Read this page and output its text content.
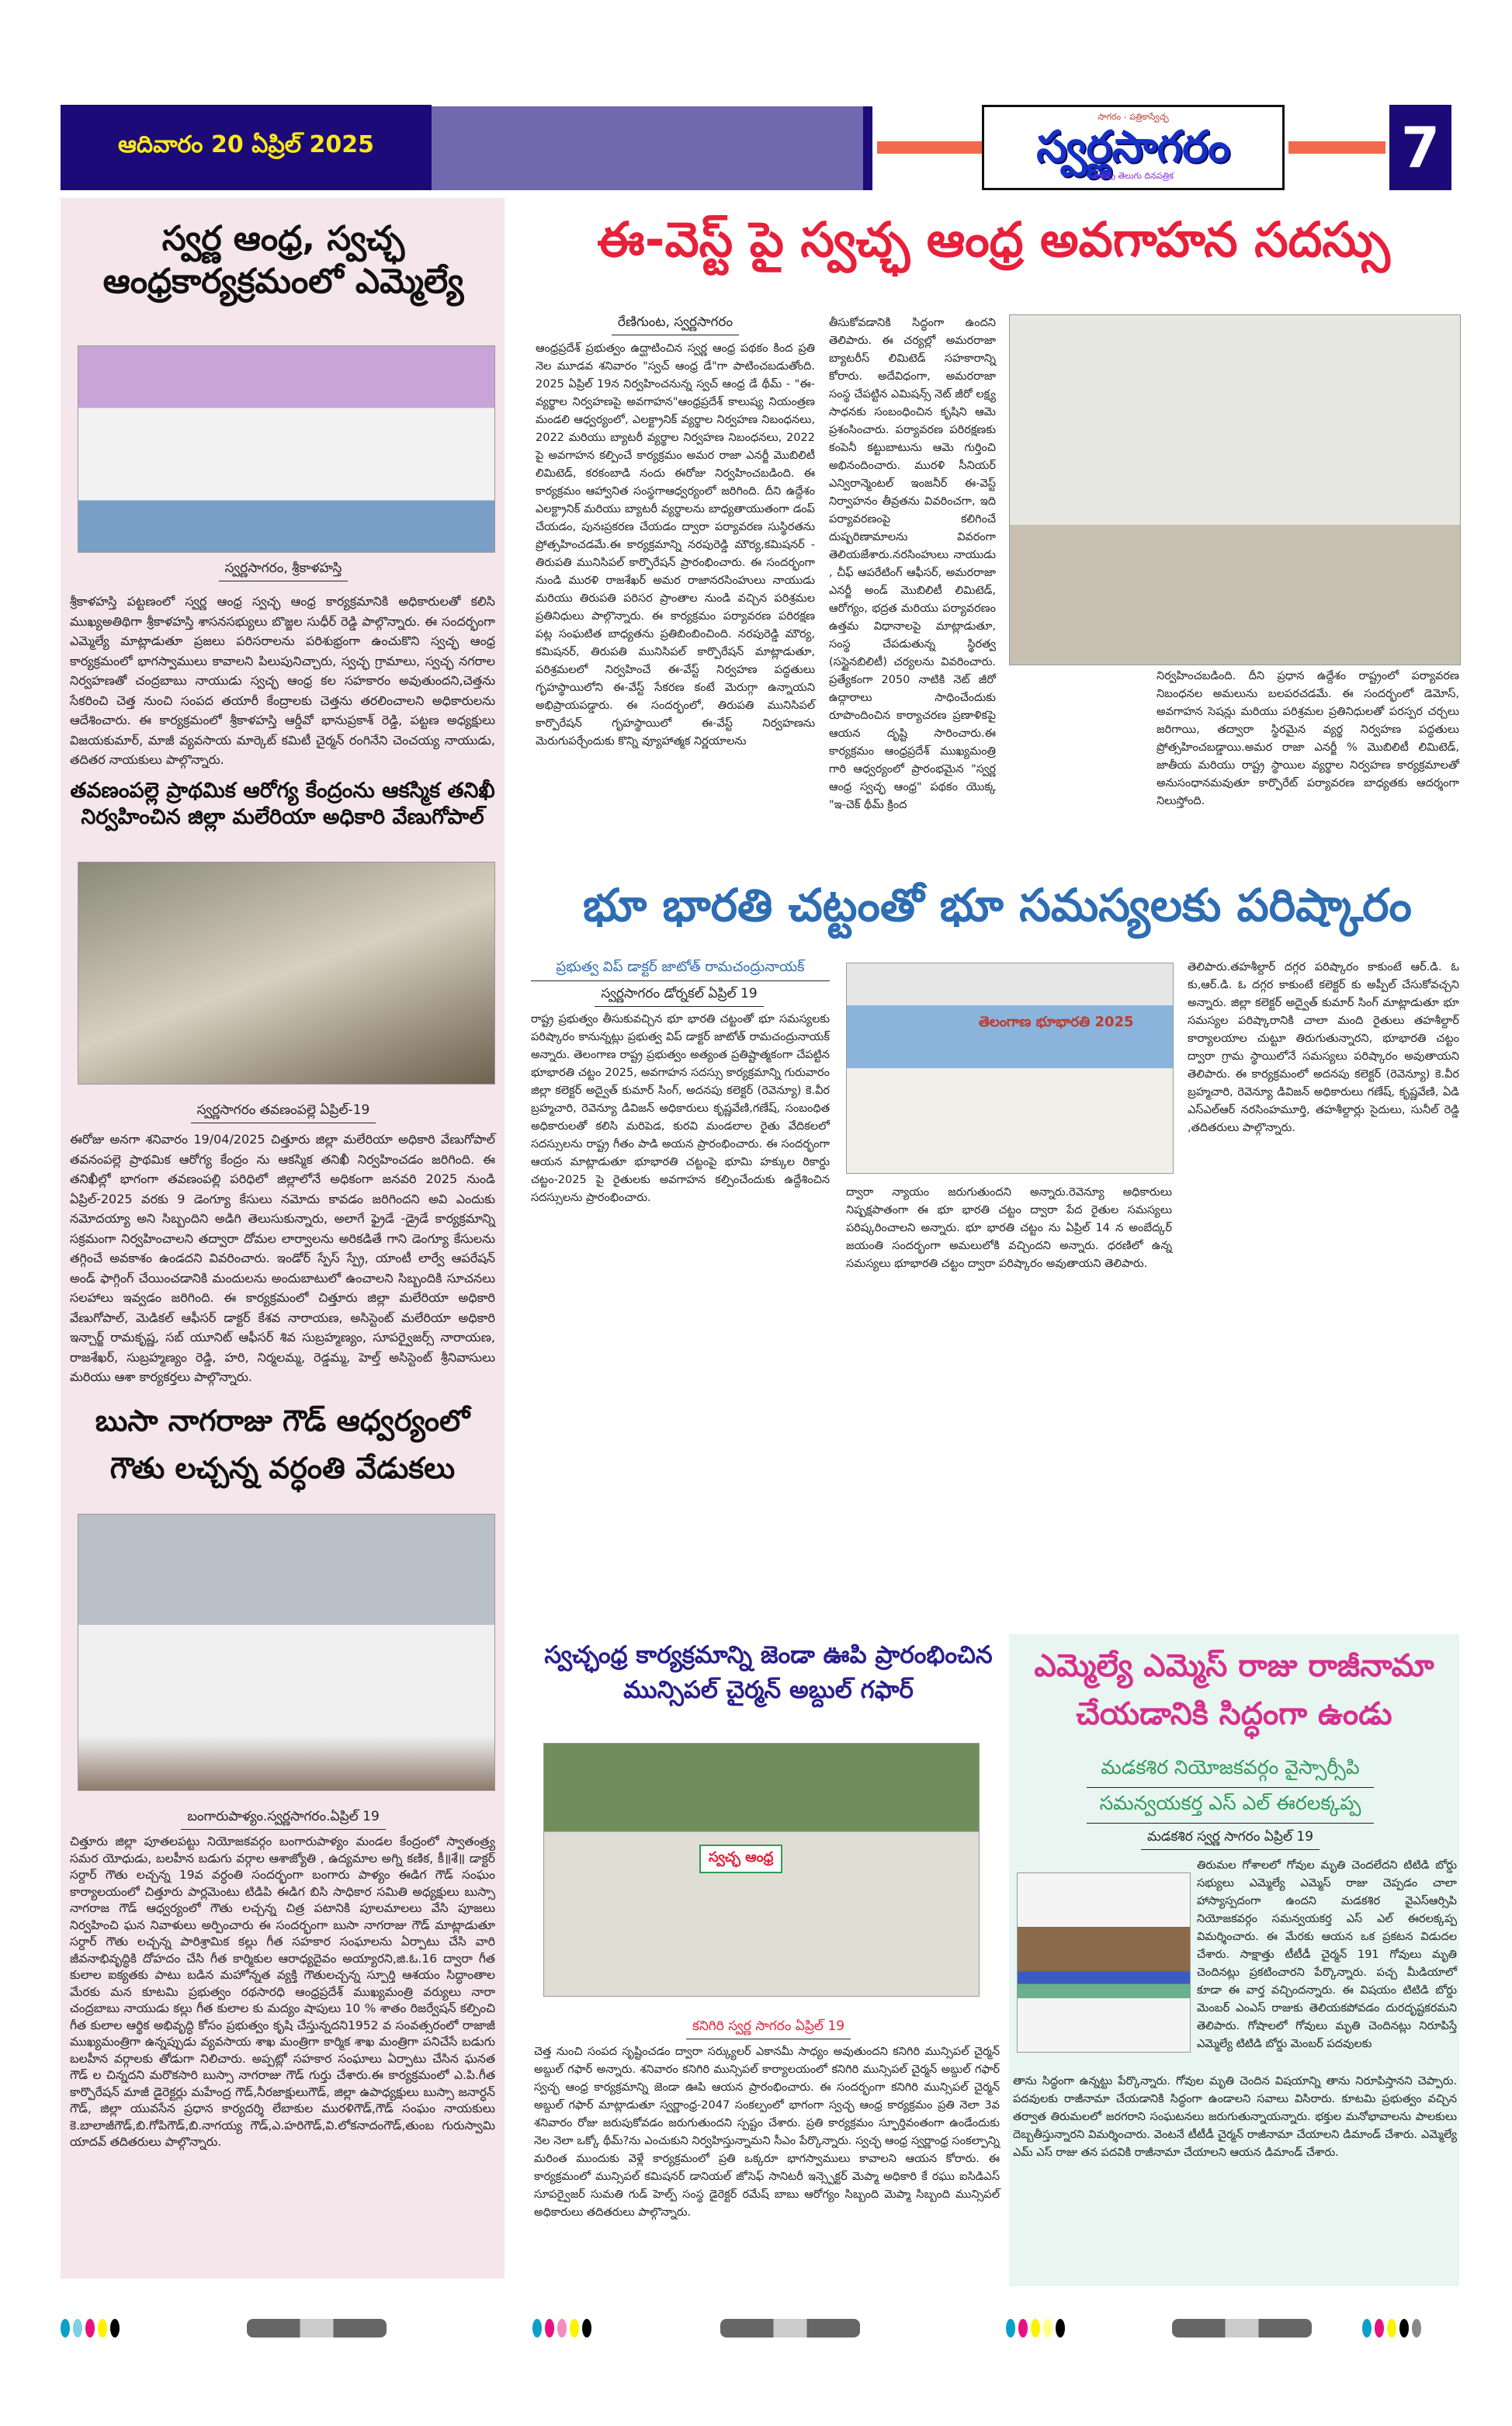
ఆదివారం 20 ఏప్రిల్ 2025
సాగరం - పత్రికాస్వేచ్ఛ
స్వర్ణసాగరం
వారపు తెలుగు దినపత్రిక	7
స్వర్ణ ఆంధ్ర, స్వచ్ఛ ఆంధ్రకార్యక్రమంలో ఎమ్మెల్యే
స్వర్ణసాగరం, శ్రీకాళహస్తి
శ్రీకాళహస్తి పట్టణంలో స్వర్ణ ఆంధ్ర స్వచ్ఛ ఆంధ్ర కార్యక్రమానికి అధికారులతో కలిసి ముఖ్యఅతిథిగా శ్రీకాళహస్తి శాసనసభ్యులు బొజ్జల సుధీర్ రెడ్డి పాల్గొన్నారు. ఈ సందర్భంగా ఎమ్మెల్యే మాట్లాడుతూ ప్రజలు పరిసరాలను పరిశుభ్రంగా ఉంచుకొని స్వచ్ఛ ఆంధ్ర కార్యక్రమంలో భాగస్వాములు కావాలని పిలుపునిచ్చారు, స్వచ్ఛ గ్రామాలు, స్వచ్ఛ నగరాల నిర్వహణతో చంద్రబాబు నాయుడు స్వచ్ఛ ఆంధ్ర కల సహకారం అవుతుందని,చెత్తను సేకరించి చెత్త నుంచి సంపద తయారీ కేంద్రాలకు చెత్తను తరలించాలని అధికారులను ఆదేశించారు. ఈ కార్యక్రమంలో శ్రీకాళహస్తి ఆర్డీవో భానుప్రకాశ్ రెడ్డి, పట్టణ అధ్యక్షులు విజయకుమార్, మాజీ వ్యవసాయ మార్కెట్ కమిటీ చైర్మన్ రంగినేని చెంచయ్య నాయుడు, తదితర నాయకులు పాల్గొన్నారు.
తవణంపల్లె ప్రాథమిక ఆరోగ్య కేంద్రంను ఆకస్మిక తనిఖీ నిర్వహించిన జిల్లా మలేరియా అధికారి వేణుగోపాల్
స్వర్ణసాగరం తవణంపల్లె ఏప్రిల్-19
ఈరోజు అనగా శనివారం 19/04/2025 చిత్తూరు జిల్లా మలేరియా అధికారి వేణుగోపాల్ తవనంపల్లె ప్రాథమిక ఆరోగ్య కేంద్రం ను ఆకస్మిక తనిఖీ నిర్వహించడం జరిగింది. ఈ తనిఖీల్లో భాగంగా తవణంపల్లి పరిధిలో జిల్లాలోనే అధికంగా జనవరి 2025 నుండి ఏప్రిల్-2025 వరకు 9 డెంగ్యూ కేసులు నమోదు కావడం జరిగిందని అవి ఎందుకు నమోదయ్యా అని సిబ్బందిని అడిగి తెలుసుకున్నారు, అలాగే ఫ్రైడే -డ్రైడే కార్యక్రమాన్ని సక్రమంగా నిర్వహించాలని తద్వారా దోమల లార్వాలను అరికడితే గాని డెంగ్యూ కేసులను తగ్గించే అవకాశం ఉండదని వివరించారు. ఇండోర్ స్పేస్ స్ప్రే, యాంటీ లార్వే ఆపరేషన్ అండ్ ఫాగ్గింగ్ చేయించడానికి మందులను అందుబాటులో ఉంచాలని సిబ్బందికి సూచనలు సలహాలు ఇవ్వడం జరిగింది. ఈ కార్యక్రమంలో చిత్తూరు జిల్లా మలేరియా అధికారి వేణుగోపాల్, మెడికల్ ఆఫీసర్ డాక్టర్ కేశవ నారాయణ, అసిస్టెంట్ మలేరియా అధికారి ఇన్చార్జ్ రామకృష్ణ, సబ్ యూనిట్ ఆఫీసర్ శివ సుబ్రహ్మణ్యం, సూపర్వైజర్స్ నారాయణ, రాజశేఖర్, సుబ్రహ్మణ్యం రెడ్డి, హరి, నిర్మలమ్మ, రెడ్డమ్మ, హెల్త్ అసిస్టెంట్ శ్రీనివాసులు మరియు ఆశా కార్యకర్తలు పాల్గొన్నారు.
బుసా నాగరాజు గౌడ్ ఆధ్వర్యంలో గౌతు లచ్చన్న వర్ధంతి వేడుకలు
బంగారుపాళ్యం.స్వర్ణసాగరం.ఏప్రిల్ 19
చిత్తూరు జిల్లా పూతలపట్టు నియోజకవర్గం బంగారుపాళ్యం మండల కేంద్రంలో స్వాతంత్ర్య సమర యోధుడు, బలహీన బడుగు వర్గాల ఆశాజ్యోతి , ఉద్యమాల అగ్ని కణిక, కీ॥శే॥ డాక్టర్ సర్దార్ గౌతు లచ్చన్న 19వ వర్ధంతి సందర్భంగా బంగారు పాళ్యం ఈడిగ గౌడ్ సంఘం కార్యాలయంలో చిత్తూరు పార్లమెంటు టిడిపి ఈడిగ బిసి సాధికార సమితి అధ్యక్షులు బుస్సా నాగరాజ గౌడ్ ఆధ్వర్యంలో గౌతు లచ్చన్న చిత్ర పటానికి పూలమాలలు వేసి పూజలు నిర్వహించి ఘన నివాళులు అర్పించారు ఈ సందర్భంగా బుసా నాగరాజు గౌడ్ మాట్లాడుతూ సర్దార్ గౌతు లచ్చన్న పారిశ్రామిక కల్లు గీత సహకార సంఘాలను ఏర్పాటు చేసి వారి జీవనాభివృద్ధికి దోహదం చేసి గీత కార్మికుల ఆరాధ్యదైవం అయ్యారని,జి.ఓ.16 ద్వారా గీత కులాల ఐక్యతకు పాటు బడిన మహోన్నత వ్యక్తి గౌతులచ్చన్న స్పూర్తి ఆశయం సిద్ధాంతాల మేరకు మన కూటమి ప్రభుత్వం రథసారధి ఆంధ్రప్రదేశ్ ముఖ్యమంత్రి వర్యులు నారా చంద్రబాబు నాయుడు కల్లు గీత కులాల కు మద్యం షాపులు 10 % శాతం రిజర్వేషన్ కల్పించి గీత కులాల ఆర్థిక అభివృద్ధి కోసం ప్రభుత్వం కృషి చేస్తున్నదని1952 వ సంవత్సరంలో రాజాజీ ముఖ్యమంత్రిగా ఉన్నప్పుడు వ్యవసాయ శాఖ మంత్రిగా కార్మిక శాఖ మంత్రిగా పనిచేసే బడుగు బలహీన వర్గాలకు తోడుగా నిలిచారు. అప్పట్లో సహకార సంఘాలు ఏర్పాటు చేసిన ఘనత గౌడ్ ల చిన్నదని మరొకసారి బుస్సా నాగరాజు గౌడ్ గుర్తు చేశారు.ఈ కార్యక్రమంలో ఎ.పి.గీత కార్పొరేషన్ మాజీ డైరెక్టర్లు మహేంద్ర గౌడ్,నీరజాక్షులుగౌడ్, జిల్లా ఉపాధ్యక్షులు బుస్సా జనార్ధన్ గౌడ్, జిల్లా యువసేన ప్రధాన కార్యదర్శి లేబాకుల మురళిగౌడ్,గౌడ్ సంఘం నాయకులు కె.బాలాజీగౌడ్,బి.గోపిగౌడ్,బి.నాగయ్య గౌడ్,ఎ.హరిగౌడ్,వి.లోకనాదంగౌడ్,తుంబ గురుస్వామి యాదవ్ తదితరులు పాల్గొన్నారు.
ఈ-వెస్ట్ పై స్వచ్ఛ ఆంధ్ర అవగాహన సదస్సు
రేణిగుంట, స్వర్ణసాగరం
ఆంధ్రప్రదేశ్ ప్రభుత్వం ఉద్ఘాటించిన స్వర్ణ ఆంధ్ర పథకం కింద ప్రతి నెల మూడవ శనివారం "స్వచ్ ఆంధ్ర డే"గా పాటించబడుతోంది. 2025 ఏప్రిల్ 19న నిర్వహించనున్న స్వచ్ ఆంధ్ర డే థీమ్ - "ఈ-వ్యర్థాల నిర్వహణపై అవగాహన"ఆంధ్రప్రదేశ్ కాలుష్య నియంత్రణ మండలి ఆధ్వర్యంలో, ఎలక్ట్రానిక్ వ్యర్థాల నిర్వహణ నిబంధనలు, 2022 మరియు బ్యాటరీ వ్యర్థాల నిర్వహణ నిబంధనలు, 2022 పై అవగాహన కల్పించే కార్యక్రమం అమర రాజా ఎనర్జీ మొబిలిటీ లిమిటెడ్, కరకంబాడి నందు ఈరోజు నిర్వహించబడింది. ఈ కార్యక్రమం ఆహ్వానిత సంస్థగాఆధ్వర్యంలో జరిగింది. దీని ఉద్దేశం ఎలక్ట్రానిక్ మరియు బ్యాటరీ వ్యర్థాలను బాధ్యతాయుతంగా డంప్ చేయడం, పునఃప్రకరణ చేయడం ద్వారా పర్యావరణ సుస్థిరతను ప్రోత్సహించడమే.ఈ కార్యక్రమాన్ని నరపురెడ్డి మౌర్య,కమిషనర్ - తిరుపతి మునిసిపల్ కార్పొరేషన్ ప్రారంభించారు. ఈ సందర్భంగా నుండి మురళి రాజశేఖర్ అమర రాజానరసింహులు నాయుడు మరియు తిరుపతి పరిసర ప్రాంతాల నుండి వచ్చిన పరిశ్రమల ప్రతినిధులు పాల్గొన్నారు. ఈ కార్యక్రమం పర్యావరణ పరిరక్షణ పట్ల సంఘటిత బాధ్యతను ప్రతిబింబించింది. నరపురెడ్డి మౌర్య, కమిషనర్, తిరుపతి మునిసిపల్ కార్పొరేషన్ మాట్లాడుతూ, పరిశ్రమలలో నిర్వహించే ఈ-వేస్ట్ నిర్వహణ పద్ధతులు గృహస్థాయిలోని ఈ-వేస్ట్ సేకరణ కంటే మెరుగ్గా ఉన్నాయని అభిప్రాయపడ్డారు. ఈ సందర్భంలో, తిరుపతి మునిసిపల్ కార్పొరేషన్ గృహస్థాయిలో ఈ-వేస్ట్ నిర్వహణను మెరుగుపర్చేందుకు కొన్ని వ్యూహాత్మక నిర్ణయాలను
తీసుకోవడానికి సిద్ధంగా ఉందని తెలిపారు. ఈ చర్యల్లో అమరరాజా బ్యాటరీస్ లిమిటెడ్ సహకారాన్ని కోరారు. అదేవిధంగా, అమరరాజా సంస్థ చేపట్టిన ఎమిషన్స్ నెట్ జీరో లక్ష్య సాధనకు సంబంధించిన కృషిని ఆమె ప్రశంసించారు. పర్యావరణ పరిరక్షణకు కంపెనీ కట్టుబాటును ఆమె గుర్తించి అభినందించారు. మురళి సీనియర్ ఎన్విరాన్మెంటల్ ఇంజనీర్ ఈ-వెస్ట్ నిర్వాహనం తీవ్రతను వివరించగా, ఇది పర్యావరణంపై కలిగించే దుష్పరిణామాలను వివరంగా తెలియజేశారు.నరసింహులు నాయుడు , చీఫ్ ఆపరేటింగ్ ఆఫీసర్, అమరరాజా ఎనర్జీ అండ్ మొబిలిటీ లిమిటెడ్, ఆరోగ్యం, భద్రత మరియు పర్యావరణం ఉత్తమ విధానాలపై మాట్లాడుతూ, సంస్థ చేపడుతున్న స్థిరత్వ (సస్టైనబిలిటీ) చర్యలను వివరించారు. ప్రత్యేకంగా 2050 నాటికి నెట్ జీరో ఉద్గారాలు సాధించేందుకు రూపొందించిన కార్యాచరణ ప్రణాళికపై ఆయన దృష్టి సారించారు.ఈ కార్యక్రమం ఆంధ్రప్రదేశ్ ముఖ్యమంత్రి గారి ఆధ్వర్యంలో ప్రారంభమైన "స్వర్ణ ఆంధ్ర స్వచ్ఛ ఆంధ్ర" పథకం యొక్క "ఇ-చెక్ థీమ్ క్రింద
నిర్వహించబడింది. దీని ప్రధాన ఉద్దేశం రాష్ట్రంలో పర్యావరణ నిబంధనల అమలును బలపరచడమే. ఈ సందర్భంలో డెమోస్, అవగాహన సెషన్లు మరియు పరిశ్రమల ప్రతినిధులతో పరస్పర చర్చలు జరిగాయి, తద్వారా స్థిరమైన వ్యర్థ నిర్వహణ పద్ధతులు ప్రోత్సహించబడ్డాయి.అమర రాజా ఎనర్జీ % మొబిలిటీ లిమిటెడ్, జాతీయ మరియు రాష్ట్ర స్థాయిల వ్యర్థాల నిర్వహణ కార్యక్రమాలతో అనుసంధానమవుతూ కార్పొరేట్ పర్యావరణ బాధ్యతకు ఆదర్శంగా నిలుస్తోంది.
భూ భారతి చట్టంతో భూ సమస్యలకు పరిష్కారం
ప్రభుత్వ విప్ డాక్టర్ జాటోత్ రామచంద్రునాయక్
స్వర్ణసాగరం డోర్నకల్ ఏప్రిల్ 19
రాష్ట్ర ప్రభుత్వం తీసుకువచ్చిన భూ భారతి చట్టంతో భూ సమస్యలకు పరిష్కారం కానున్నట్లు ప్రభుత్వ విప్ డాక్టర్ జాటోత్ రామచంద్రునాయక్ అన్నారు. తెలంగాణ రాష్ట్ర ప్రభుత్వం అత్యంత ప్రతిష్టాత్మకంగా చేపట్టిన భూభారతి చట్టం 2025, అవగాహన సదస్సు కార్యక్రమాన్ని గురువారం జిల్లా కలెక్టర్ అద్వైత్ కుమార్ సింగ్, అదనపు కలెక్టర్ (రెవెన్యూ) కె.వీర బ్రహ్మచారి, రెవెన్యూ డివిజన్ అధికారులు కృష్ణవేణి,గణేష్, సంబంధిత అధికారులతో కలిసి మరిపెడ, కురవి మండలాల రైతు వేదికలలో సదస్సులను రాష్ట్ర గీతం పాడి అయన ప్రారంభించారు. ఈ సందర్భంగా ఆయన మాట్లాడుతూ భూభారతి చట్టంపై భూమి హక్కుల రికార్డు చట్టం-2025 పై రైతులకు అవగాహన కల్పించేందుకు ఉద్దేశించిన సదస్సులను ప్రారంభించారు.
తెలంగాణ భూభారతి 2025
ద్వారా న్యాయం జరుగుతుందని అన్నారు.రెవెన్యూ అధికారులు నిష్పక్షపాతంగా ఈ భూ భారతి చట్టం ద్వారా పేద రైతుల సమస్యలు పరిష్కరించాలని అన్నారు. భూ భారతి చట్టం ను ఏప్రిల్ 14 న అంబేద్కర్ జయంతి సందర్భంగా అమలులోకి వచ్చిందని అన్నారు. ధరణిలో ఉన్న సమస్యలు భూభారతి చట్టం ద్వారా పరిష్కారం అవుతాయని తెలిపారు.
తెలిపారు.తహశీల్దార్ దగ్గర పరిష్కారం కాకుంటే ఆర్.డి. ఓ కు,ఆర్.డి. ఓ దగ్గర కాకుంటే కలెక్టర్ కు అప్పీల్ చేసుకోవచ్చని అన్నారు. జిల్లా కలెక్టర్ అద్వైత్ కుమార్ సింగ్ మాట్లాడుతూ భూ సమస్యల పరిష్కారానికి చాలా మంది రైతులు తహశీల్దార్ కార్యాలయాల చుట్టూ తిరుగుతున్నారని, భూభారతి చట్టం ద్వారా గ్రామ స్థాయిలోనే సమస్యలు పరిష్కారం అవుతాయని తెలిపారు. ఈ కార్యక్రమంలో అదనపు కలెక్టర్ (రెవెన్యూ) కె.వీర బ్రహ్మచారి, రెవెన్యూ డివిజన్ అధికారులు గణేష్, కృష్ణవేణి, ఏడి ఎస్ఎల్ఆర్ నరసింహమూర్తి, తహశీల్దార్లు సైదులు, సునీల్ రెడ్డి ,తదితరులు పాల్గొన్నారు.
స్వచ్ఛంధ్ర కార్యక్రమాన్ని జెండా ఊపి ప్రారంభించిన మున్సిపల్ చైర్మన్ అబ్దుల్ గఫార్
స్వచ్ఛ ఆంధ్ర
కనిగిరి స్వర్ణ సాగరం ఏప్రిల్ 19
చెత్త నుంచి సంపద సృష్టించడం ద్వారా సర్క్యులర్ ఎకానమీ సాధ్యం అవుతుందని కనిగిరి మున్సిపల్ చైర్మన్ అబ్దుల్ గఫార్ అన్నారు. శనివారం కనిగిరి మున్సిపల్ కార్యాలయంలో కనిగిరి మున్సిపల్ చైర్మన్ అబ్దుల్ గఫార్ స్వచ్ఛ ఆంధ్ర కార్యక్రమాన్ని జెండా ఊపి ఆయన ప్రారంభించారు. ఈ సందర్భంగా కనిగిరి మున్సిపల్ చైర్మన్ అబ్దుల్ గఫార్ మాట్లాడుతూ స్వర్ణాంధ్ర-2047 సంకల్పంలో భాగంగా స్వచ్ఛ ఆంధ్ర కార్యక్రమం ప్రతి నెలా 3వ శనివారం రోజు జరుపుకోవడం జరుగుతుందని స్పష్టం చేశారు. ప్రతి కార్యక్రమం స్ఫూర్తివంతంగా ఉండేందుకు నెల నెలా ఒక్కో థీమ్?ను ఎంచుకుని నిర్వహిస్తున్నామని సీఎం పేర్కొన్నారు. స్వచ్ఛ ఆంధ్ర స్వర్ణాంధ్ర సంకల్పాన్ని మరింత ముందుకు వెళ్లే కార్యక్రమంలో ప్రతి ఒక్కరూ భాగస్వాములు కావాలని ఆయన కోరారు. ఈ కార్యక్రమంలో మున్సిపల్ కమిషనర్ డానియల్ జోసెఫ్ సానిటరీ ఇన్స్పెక్టర్ మెప్మా అధికారి కే రఘు ఐసిడిఎస్ సూపర్వైజర్ సుమతి గుడ్ హెల్ప్ సంస్థ డైరెక్టర్ రమేష్ బాబు ఆరోగ్యం సిబ్బంది మెప్మా సిబ్బంది మున్సిపల్ అధికారులు తదితరులు పాల్గొన్నారు.
ఎమ్మెల్యే ఎమ్మెస్ రాజు రాజీనామా చేయడానికి సిద్ధంగా ఉండు
మడకశిర నియోజకవర్గం వైస్సార్సీపి
సమన్వయకర్త ఎస్ ఎల్ ఈరలక్కప్ప
మడకశిర స్వర్ణ సాగరం ఏప్రిల్ 19
తిరుమల గోశాలలో గోవుల మృతి చెందలేదని టిటిడి బోర్డు సభ్యులు ఎమ్మెల్యే ఎమ్మెస్ రాజు చెప్పడం చాలా హాస్యాస్పదంగా ఉందని మడకశిర వైఎస్ఆర్సిపి నియోజకవర్గం సమన్వయకర్త ఎస్ ఎల్ ఈరలక్కప్ప విమర్శించారు. ఈ మేరకు ఆయన ఒక ప్రకటన విడుదల చేశారు. సాక్షాత్తు టీటీడీ చైర్మన్ 191 గోవులు మృతి చెందినట్లు ప్రకటించారని పేర్కొన్నారు. పచ్చ మీడియాలో కూడా ఈ వార్త వచ్చిందన్నారు. ఈ విషయం టిటిడి బోర్డు మెంబర్ ఎంఎస్ రాజుకు తెలియకపోవడం దురదృష్టకరమని తెలిపారు. గోషాలలో గోవులు మృతి చెందినట్లు నిరూపిస్తే ఎమ్మెల్యే టిటిడి బోర్డు మెంబర్ పదవులకు
తాను సిద్ధంగా ఉన్నట్టు పేర్కొన్నారు. గోవుల మృతి చెందిన విషయాన్ని తాను నిరూపిస్తానని చెప్పారు. పదవులకు రాజీనామా చేయడానికి సిద్ధంగా ఉండాలని సవాలు విసిరారు. కూటమి ప్రభుత్వం వచ్చిన తర్వాత తిరుమలలో జరగరాని సంఘటనలు జరుగుతున్నాయన్నారు. భక్తుల మనోభావాలను పాలకులు దెబ్బతీస్తున్నారని విమర్శించారు. వెంటనే టీటీడీ చైర్మన్ రాజీనామా చేయాలని డిమాండ్ చేశారు. ఎమ్మెల్యే ఎమ్ ఎస్ రాజు తన పదవికి రాజీనామా చేయాలని ఆయన డిమాండ్ చేశారు.
